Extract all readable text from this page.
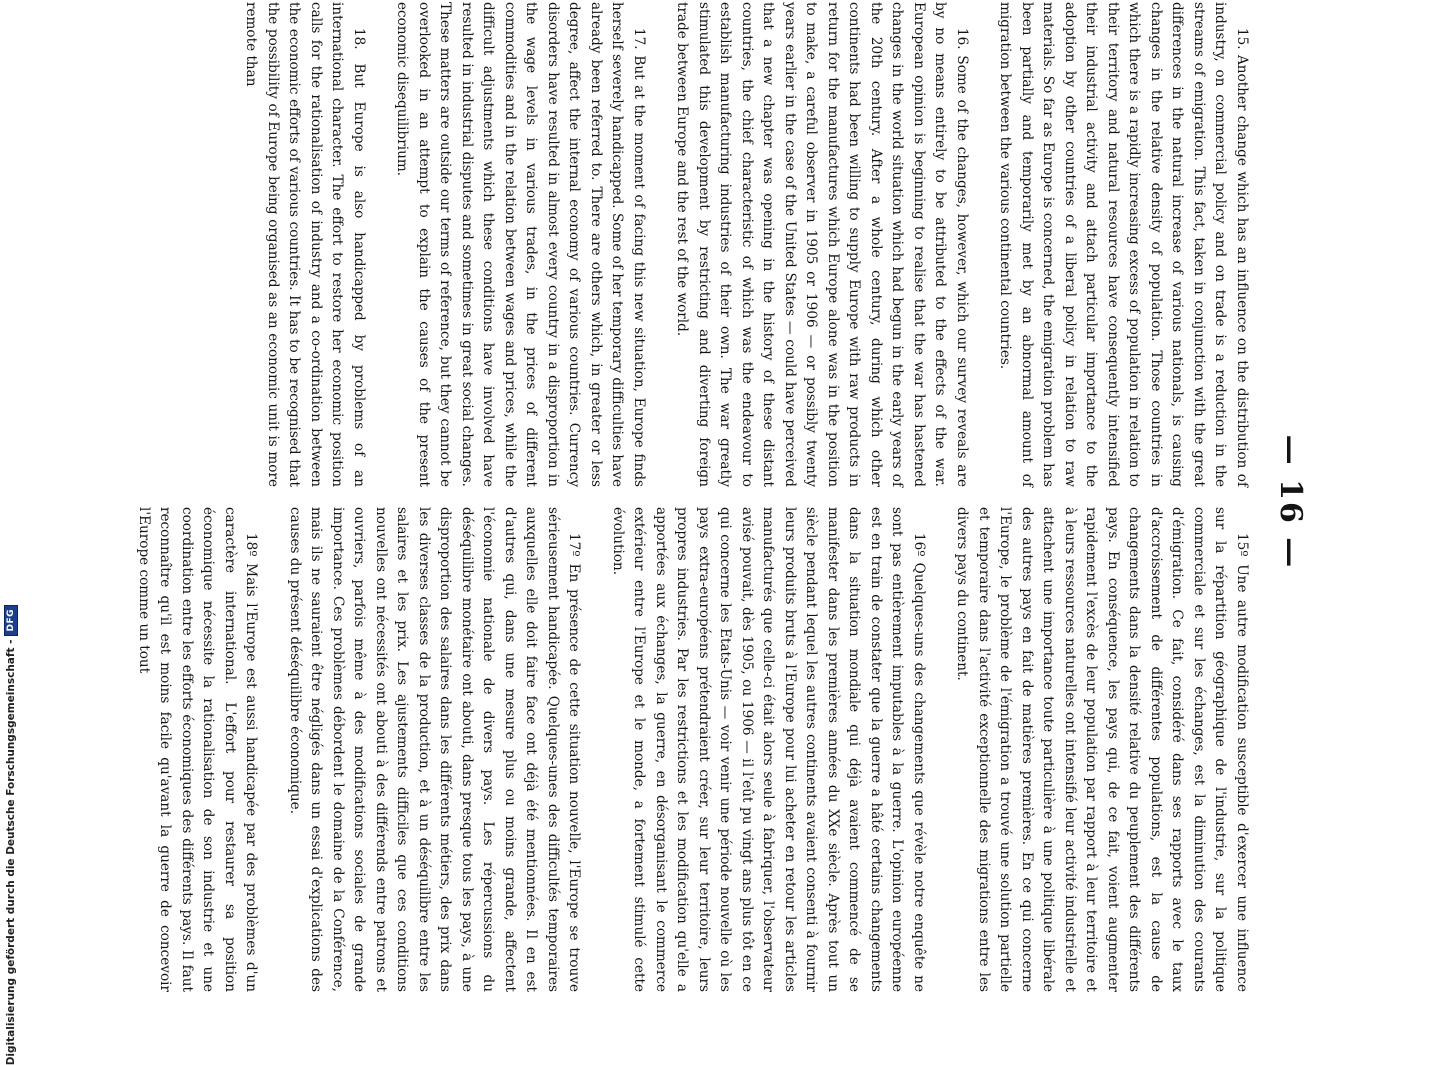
— 16 —

15. Another change which has an influence on the distribution of industry, on commercial policy and on trade is a reduction in the streams of emigration. This fact, taken in conjunction with the great differences in the natural increase of various nationals, is causing changes in the relative density of population. Those countries in which there is a rapidly increasing excess of population in relation to their territory and natural resources have consequently intensified their industrial activity and attach particular importance to the adoption by other countries of a liberal policy in relation to raw materials. So far as Europe is concerned, the emigration problem has been partially and temporarily met by an abnormal amount of migration between the various continental countries.

16. Some of the changes, however, which our survey reveals are by no means entirely to be attributed to the effects of the war. European opinion is beginning to realise that the war has hastened changes in the world situation which had begun in the early years of the 20th century. After a whole century, during which other continents had been willing to supply Europe with raw products in return for the manufactures which Europe alone was in the position to make, a careful observer in 1905 or 1906 — or possibly twenty years earlier in the case of the United States — could have perceived that a new chapter was opening in the history of these distant countries, the chief characteristic of which was the endeavour to establish manufacturing industries of their own. The war greatly stimulated this development by restricting and diverting foreign trade between Europe and the rest of the world.

17. But at the moment of facing this new situation, Europe finds herself severely handicapped. Some of her temporary difficulties have already been referred to. There are others which, in greater or less degree, affect the internal economy of various countries. Currency disorders have resulted in almost every country in a disproportion in the wage levels in various trades, in the prices of different commodities and in the relation between wages and prices, while the difficult adjustments which these conditions have involved have resulted in industrial disputes and sometimes in great social changes. These matters are outside our terms of reference, but they cannot be overlooked in an attempt to explain the causes of the present economic disequilibrium.

18. But Europe is also handicapped by problems of an international character. The effort to restore her economic position calls for the rationalisation of industry and a co-ordination between the economic efforts of various countries. It has to be recognised that the possibility of Europe being organised as an economic unit is more remote than

15º Une autre modification susceptible d'exercer une influence sur la répartition géographique de l'industrie, sur la politique commerciale et sur les échanges, est la diminution des courants d'émigration. Ce fait, considéré dans ses rapports avec le taux d'accroissement de différentes populations, est la cause de changements dans la densité relative du peuplement des différents pays. En conséquence, les pays qui, de ce fait, voient augmenter rapidement l'excès de leur population par rapport à leur territoire et à leurs ressources naturelles ont intensifié leur activité industrielle et attachent une importance toute particulière à une politique libérale des autres pays en fait de matières premières. En ce qui concerne l'Europe, le problème de l'émigration a trouvé une solution partielle et temporaire dans l'activité exceptionnelle des migrations entre les divers pays du continent.

16º Quelques-uns des changements que révèle notre enquête ne sont pas entièrement imputables à la guerre. L'opinion européenne est en train de constater que la guerre a hâté certains changements dans la situation mondiale qui déjà avaient commencé de se manifester dans les premières années du XXe siècle. Après tout un siècle pendant lequel les autres continents avaient consenti à fournir leurs produits bruts à l'Europe pour lui acheter en retour les articles manufacturés que celle-ci était alors seule à fabriquer, l'observateur avisé pouvait, dès 1905, ou 1906 — il l'eût pu vingt ans plus tôt en ce qui concerne les Etats-Unis — voir venir une période nouvelle où les pays extra-européens prétendraient créer, sur leur territoire, leurs propres industries. Par les restrictions et les modification qu'elle a apportées aux échanges, la guerre, en désorganisant le commerce extérieur entre l'Europe et le monde, a fortement stimulé cette évolution.

17º En présence de cette situation nouvelle, l'Europe se trouve sérieusement handicapée. Quelques-unes des difficultés temporaires auxquelles elle doit faire face ont déjà été mentionnées. Il en est d'autres qui, dans une mesure plus ou moins grande, affectent l'économie nationale de divers pays. Les répercussions du déséquilibre monétaire ont abouti, dans presque tous les pays, à une disproportion des salaires dans les différents métiers, des prix dans les diverses classes de la production, et à un déséquilibre entre les salaires et les prix. Les ajustements difficiles que ces conditions nouvelles ont nécessités ont abouti à des différends entre patrons et ouvriers, parfois même à des modifications sociales de grande importance. Ces problèmes débordent le domaine de la Conférence, mais ils ne sauraient être négligés dans un essai d'explications des causes du présent déséquilibre économique.

18º Mais l'Europe est aussi handicapée par des problèmes d'un caractère international. L'effort pour restaurer sa position économique nécessite la rationalisation de son industrie et une coordination entre les efforts économiques des différents pays. Il faut reconnaître qu'il est moins facile qu'avant la guerre de concevoir l'Europe comme un tout

Digitalisierung gefördert durch die Deutsche Forschungsgemeinschaft -
DFG
